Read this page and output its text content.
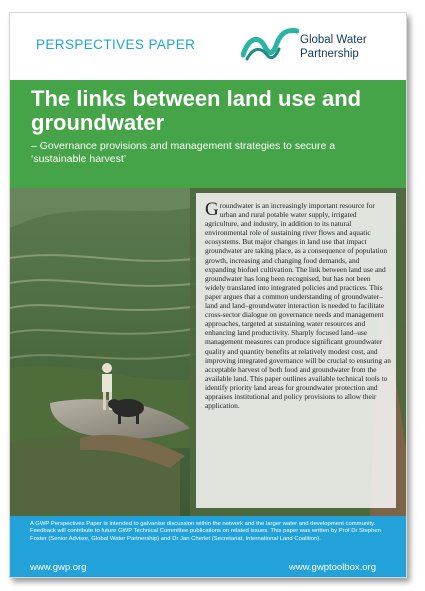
PERSPECTIVES PAPER	Global Water
Partnership
The links between land use and groundwater
– Governance provisions and management strategies to secure a ‘sustainable harvest’
Groundwater is an increasingly important resource for urban and rural potable water supply, irrigated agriculture, and industry, in addition to its natural environmental role of sustaining river flows and aquatic ecosystems. But major changes in land use that impact groundwater are taking place, as a consequence of population growth, increasing and changing food demands, and expanding biofuel cultivation. The link between land use and groundwater has long been recognised, but has not been widely translated into integrated policies and practices. This paper argues that a common understanding of groundwater–land and land–groundwater interaction is needed to facilitate cross-sector dialogue on governance needs and management approaches, targeted at sustaining water resources and enhancing land productivity. Sharply focused land–use management measures can produce significant groundwater quality and quantity benefits at relatively modest cost, and improving integrated governance will be crucial to ensuring an acceptable harvest of both food and groundwater from the available land. This paper outlines available technical tools to identify priority land areas for groundwater protection and appraises institutional and policy provisions to allow their application.
A GWP Perspectives Paper is intended to galvanise discussion within the network and the larger water and development community. Feedback will contribute to future GWP Technical Committee publications on related issues. This paper was written by Prof Dr Stephen Foster (Senior Advisor, Global Water Partnership) and Dr Jan Cherlet (Secretariat, International Land Coalition).
www.gwp.org	www.gwptoolbox.org
